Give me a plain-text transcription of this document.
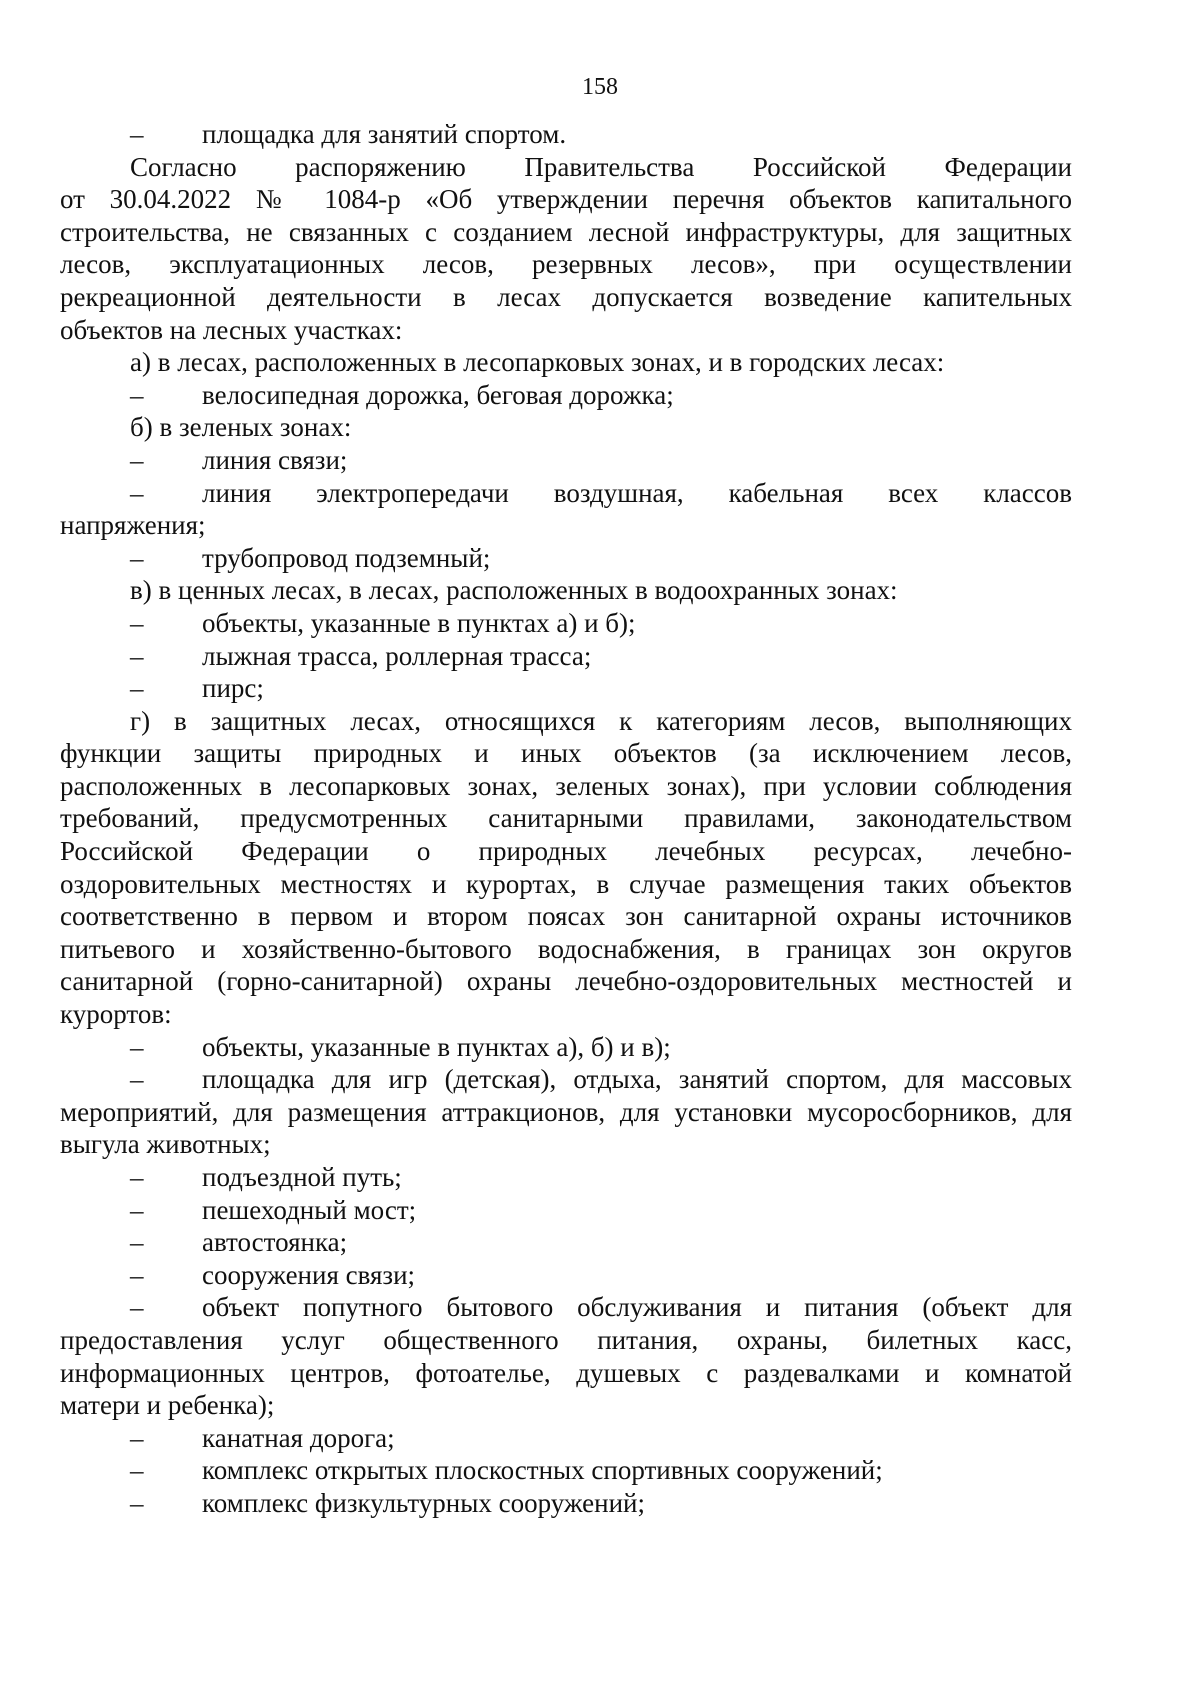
158
– площадка для занятий спортом.
Согласно распоряжению Правительства Российской Федерации
от 30.04.2022 № 1084-р «Об утверждении перечня объектов капитального
строительства, не связанных с созданием лесной инфраструктуры, для защитных
лесов, эксплуатационных лесов, резервных лесов», при осуществлении
рекреационной деятельности в лесах допускается возведение капительных
объектов на лесных участках:
а) в лесах, расположенных в лесопарковых зонах, и в городских лесах:
– велосипедная дорожка, беговая дорожка;
б) в зеленых зонах:
– линия связи;
– линия электропередачи воздушная, кабельная всех классов
напряжения;
– трубопровод подземный;
в) в ценных лесах, в лесах, расположенных в водоохранных зонах:
– объекты, указанные в пунктах а) и б);
– лыжная трасса, роллерная трасса;
– пирс;
г) в защитных лесах, относящихся к категориям лесов, выполняющих
функции защиты природных и иных объектов (за исключением лесов,
расположенных в лесопарковых зонах, зеленых зонах), при условии соблюдения
требований, предусмотренных санитарными правилами, законодательством
Российской Федерации о природных лечебных ресурсах, лечебно-
оздоровительных местностях и курортах, в случае размещения таких объектов
соответственно в первом и втором поясах зон санитарной охраны источников
питьевого и хозяйственно-бытового водоснабжения, в границах зон округов
санитарной (горно-санитарной) охраны лечебно-оздоровительных местностей и
курортов:
– объекты, указанные в пунктах а), б) и в);
– площадка для игр (детская), отдыха, занятий спортом, для массовых
мероприятий, для размещения аттракционов, для установки мусоросборников, для
выгула животных;
– подъездной путь;
– пешеходный мост;
– автостоянка;
– сооружения связи;
– объект попутного бытового обслуживания и питания (объект для
предоставления услуг общественного питания, охраны, билетных касс,
информационных центров, фотоателье, душевых с раздевалками и комнатой
матери и ребенка);
– канатная дорога;
– комплекс открытых плоскостных спортивных сооружений;
– комплекс физкультурных сооружений;
